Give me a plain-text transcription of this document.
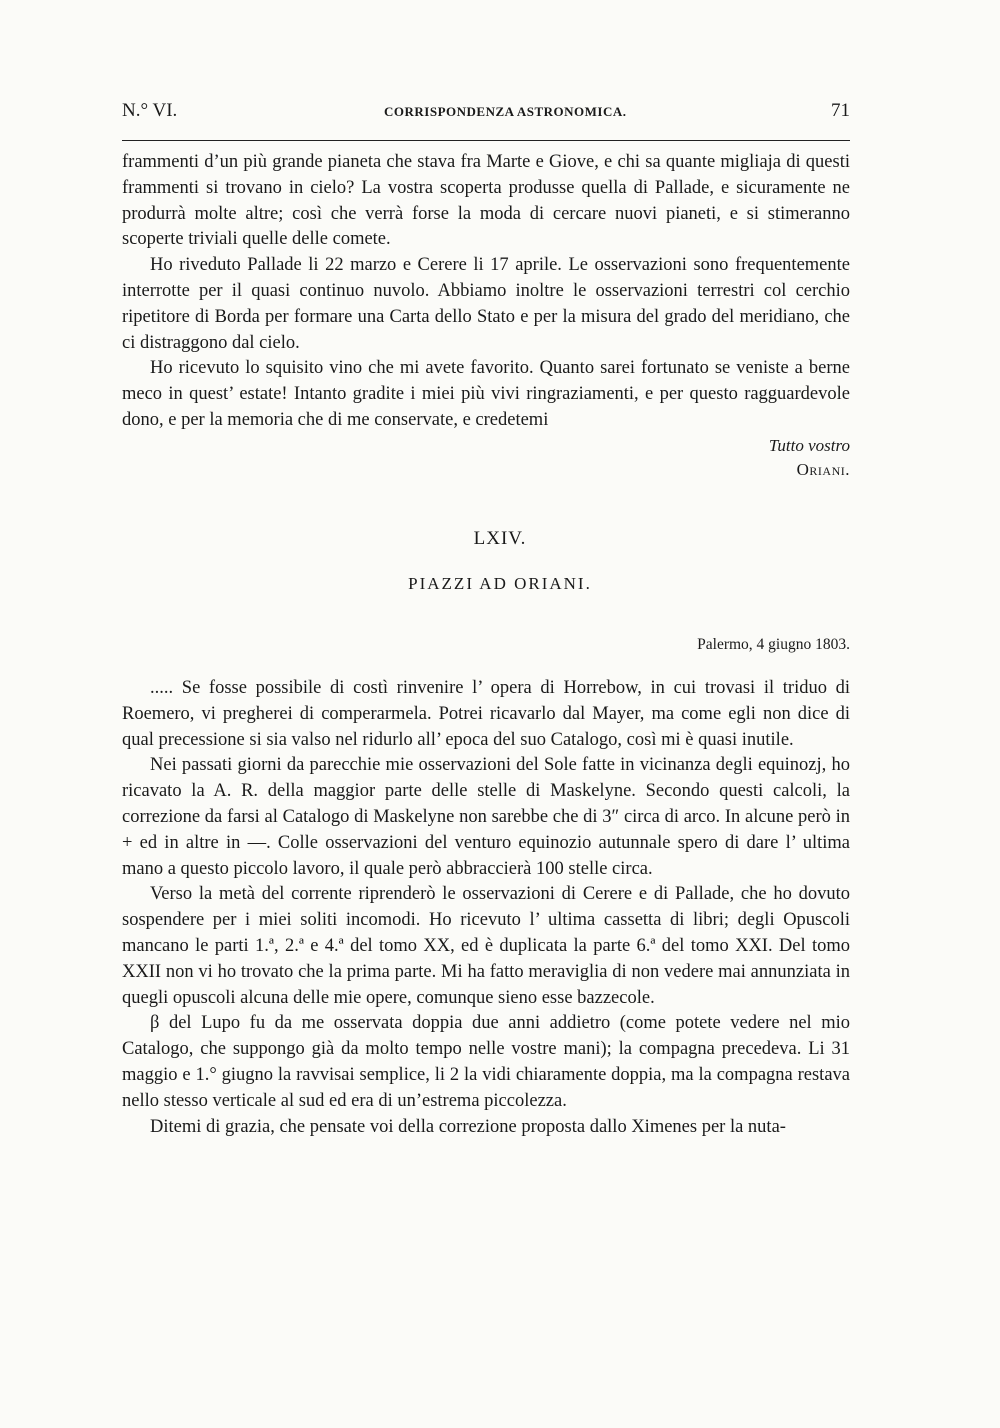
N.° VI.	CORRISPONDENZA ASTRONOMICA.	71

frammenti d’un più grande pianeta che stava fra Marte e Giove, e chi sa quante migliaja di questi frammenti si trovano in cielo? La vostra scoperta produsse quella di Pallade, e sicuramente ne produrrà molte altre; così che verrà forse la moda di cercare nuovi pianeti, e si stimeranno scoperte triviali quelle delle comete.

Ho riveduto Pallade li 22 marzo e Cerere li 17 aprile. Le osservazioni sono frequentemente interrotte per il quasi continuo nuvolo. Abbiamo inoltre le osservazioni terrestri col cerchio ripetitore di Borda per formare una Carta dello Stato e per la misura del grado del meridiano, che ci distraggono dal cielo.

Ho ricevuto lo squisito vino che mi avete favorito. Quanto sarei fortunato se veniste a berne meco in quest’ estate! Intanto gradite i miei più vivi ringraziamenti, e per questo ragguardevole dono, e per la memoria che di me conservate, e credetemi

Tutto vostro
Oriani.
LXIV.
PIAZZI AD ORIANI.
Palermo, 4 giugno 1803.

..... Se fosse possibile di costì rinvenire l’ opera di Horrebow, in cui trovasi il triduo di Roemero, vi pregherei di comperarmela. Potrei ricavarlo dal Mayer, ma come egli non dice di qual precessione si sia valso nel ridurlo all’ epoca del suo Catalogo, così mi è quasi inutile.

Nei passati giorni da parecchie mie osservazioni del Sole fatte in vicinanza degli equinozj, ho ricavato la A. R. della maggior parte delle stelle di Maskelyne. Secondo questi calcoli, la correzione da farsi al Catalogo di Maskelyne non sarebbe che di 3″ circa di arco. In alcune però in + ed in altre in —. Colle osservazioni del venturo equinozio autunnale spero di dare l’ ultima mano a questo piccolo lavoro, il quale però abbraccierà 100 stelle circa.

Verso la metà del corrente riprenderò le osservazioni di Cerere e di Pallade, che ho dovuto sospendere per i miei soliti incomodi. Ho ricevuto l’ ultima cassetta di libri; degli Opuscoli mancano le parti 1.ª, 2.ª e 4.ª del tomo XX, ed è duplicata la parte 6.ª del tomo XXI. Del tomo XXII non vi ho trovato che la prima parte. Mi ha fatto meraviglia di non vedere mai annunziata in quegli opuscoli alcuna delle mie opere, comunque sieno esse bazzecole.

β del Lupo fu da me osservata doppia due anni addietro (come potete vedere nel mio Catalogo, che suppongo già da molto tempo nelle vostre mani); la compagna precedeva. Li 31 maggio e 1.° giugno la ravvisai semplice, li 2 la vidi chiaramente doppia, ma la compagna restava nello stesso verticale al sud ed era di un’estrema piccolezza.

Ditemi di grazia, che pensate voi della correzione proposta dallo Ximenes per la nuta-
